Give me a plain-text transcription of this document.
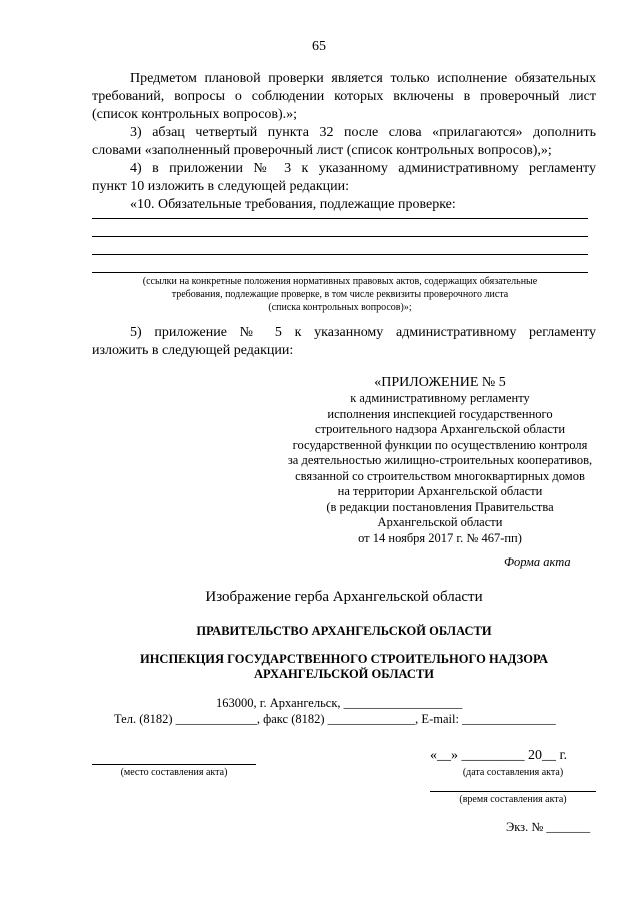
65
Предметом плановой проверки является только исполнение обязательных
требований, вопросы о соблюдении которых включены в проверочный лист
(список контрольных вопросов).»;
3) абзац четвертый пункта 32 после слова «прилагаются» дополнить
словами «заполненный проверочный лист (список контрольных вопросов),»;
4) в приложении № 3 к указанному административному регламенту
пункт 10 изложить в следующей редакции:
«10. Обязательные требования, подлежащие проверке:
(ссылки на конкретные положения нормативных правовых актов, содержащих обязательные
требования, подлежащие проверке, в том числе реквизиты проверочного листа
(списка контрольных вопросов)»;
5) приложение № 5 к указанному административному регламенту
изложить в следующей редакции:
«ПРИЛОЖЕНИЕ № 5
к административному регламенту
исполнения инспекцией государственного
строительного надзора Архангельской области
государственной функции по осуществлению контроля
за деятельностью жилищно-строительных кооперативов,
связанной со строительством многоквартирных домов
на территории Архангельской области
(в редакции постановления Правительства
Архангельской области
от 14 ноября 2017 г. № 467-пп)
Форма акта
Изображение герба Архангельской области
ПРАВИТЕЛЬСТВО АРХАНГЕЛЬСКОЙ ОБЛАСТИ
ИНСПЕКЦИЯ ГОСУДАРСТВЕННОГО СТРОИТЕЛЬНОГО НАДЗОРА
АРХАНГЕЛЬСКОЙ ОБЛАСТИ
163000, г. Архангельск, ___________________
Тел. (8182) _____________, факс (8182) ______________, E-mail: _______________
«__» _________ 20__ г.
(место составления акта)	(дата составления акта)
(время составления акта)
Экз. № _______
